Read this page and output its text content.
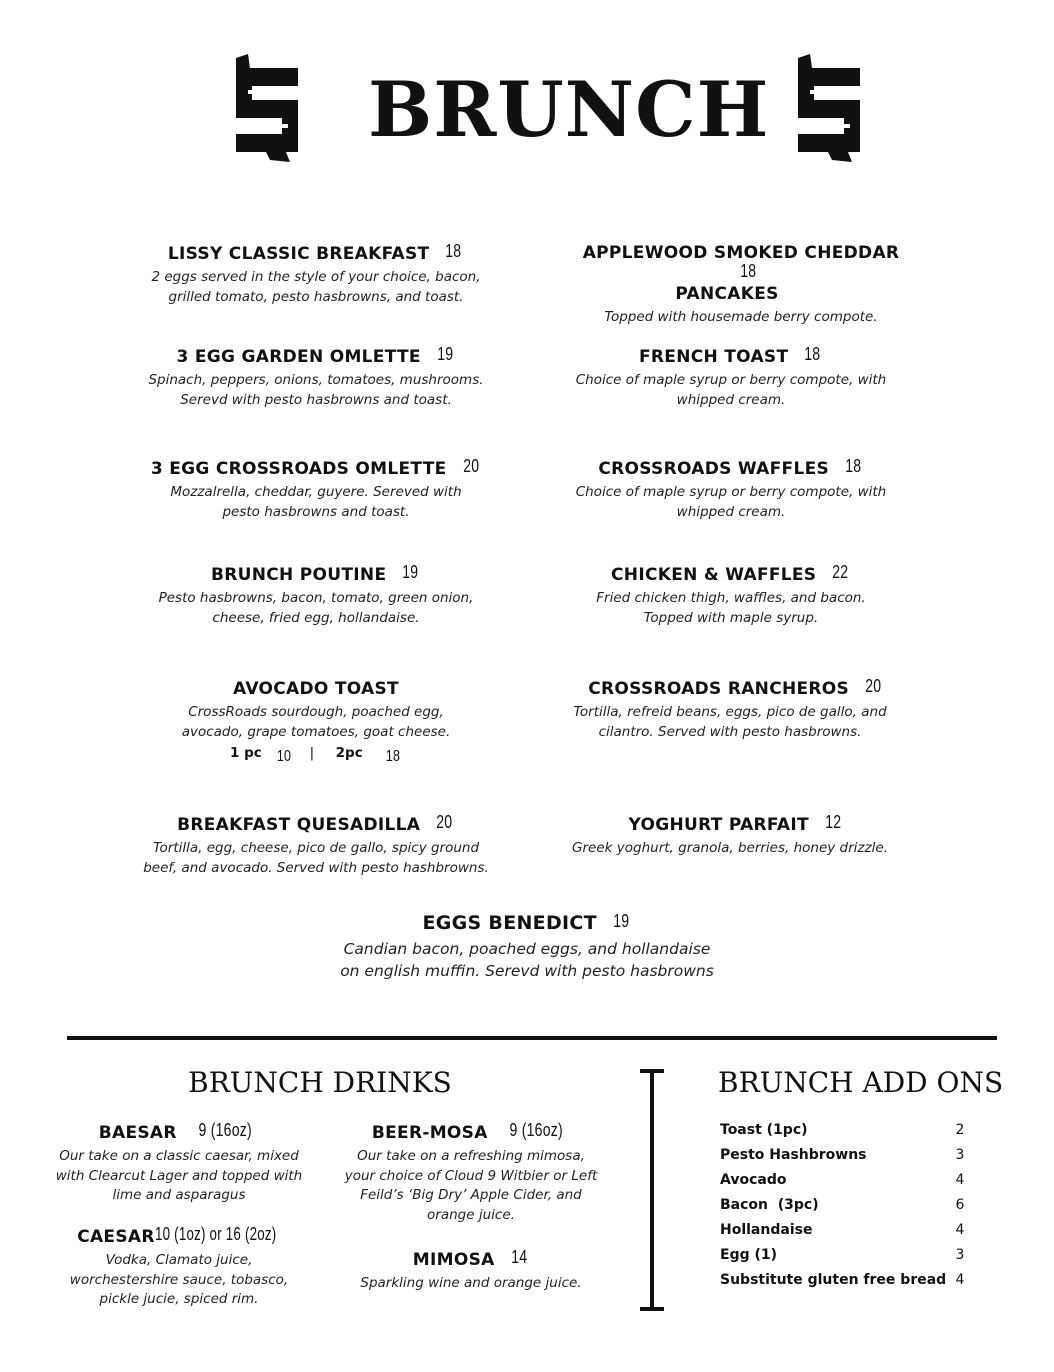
BRUNCH
LISSY CLASSIC BREAKFAST 18
2 eggs served in the style of your choice, bacon,
grilled tomato, pesto hasbrowns, and toast.
3 EGG GARDEN OMLETTE 19
Spinach, peppers, onions, tomatoes, mushrooms.
Serevd with pesto hasbrowns and toast.
3 EGG CROSSROADS OMLETTE 20
Mozzalrella, cheddar, guyere. Sereved with
pesto hasbrowns and toast.
BRUNCH POUTINE 19
Pesto hasbrowns, bacon, tomato, green onion,
cheese, fried egg, hollandaise.
AVOCADO TOAST
CrossRoads sourdough, poached egg,
avocado, grape tomatoes, goat cheese.
1 pc 10 | 2pc 18
BREAKFAST QUESADILLA 20
Tortilla, egg, cheese, pico de gallo, spicy ground
beef, and avocado. Served with pesto hashbrowns.
APPLEWOOD SMOKED CHEDDAR18
PANCAKES
Topped with housemade berry compote.
FRENCH TOAST 18
Choice of maple syrup or berry compote, with
whipped cream.
CROSSROADS WAFFLES 18
Choice of maple syrup or berry compote, with
whipped cream.
CHICKEN & WAFFLES 22
Fried chicken thigh, waffles, and bacon.
Topped with maple syrup.
CROSSROADS RANCHEROS 20
Tortilla, refreid beans, eggs, pico de gallo, and
cilantro. Served with pesto hasbrowns.
YOGHURT PARFAIT 12
Greek yoghurt, granola, berries, honey drizzle.
EGGS BENEDICT 19
Candian bacon, poached eggs, and hollandaise
on english muffin. Serevd with pesto hasbrowns
BRUNCH DRINKS
BAESAR 9 (16oz)
Our take on a classic caesar, mixed
with Clearcut Lager and topped with
lime and asparagus
CAESAR10 (1oz) or 16 (2oz)
Vodka, Clamato juice,
worchestershire sauce, tobasco,
pickle jucie, spiced rim.
BEER-MOSA 9 (16oz)
Our take on a refreshing mimosa,
your choice of Cloud 9 Witbier or Left
Feild’s ‘Big Dry’ Apple Cider, and
orange juice.
MIMOSA 14
Sparkling wine and orange juice.
BRUNCH ADD ONS
Toast (1pc)	2
Pesto Hashbrowns	3
Avocado	4
Bacon  (3pc)	6
Hollandaise	4
Egg (1)	3
Substitute gluten free bread 4
